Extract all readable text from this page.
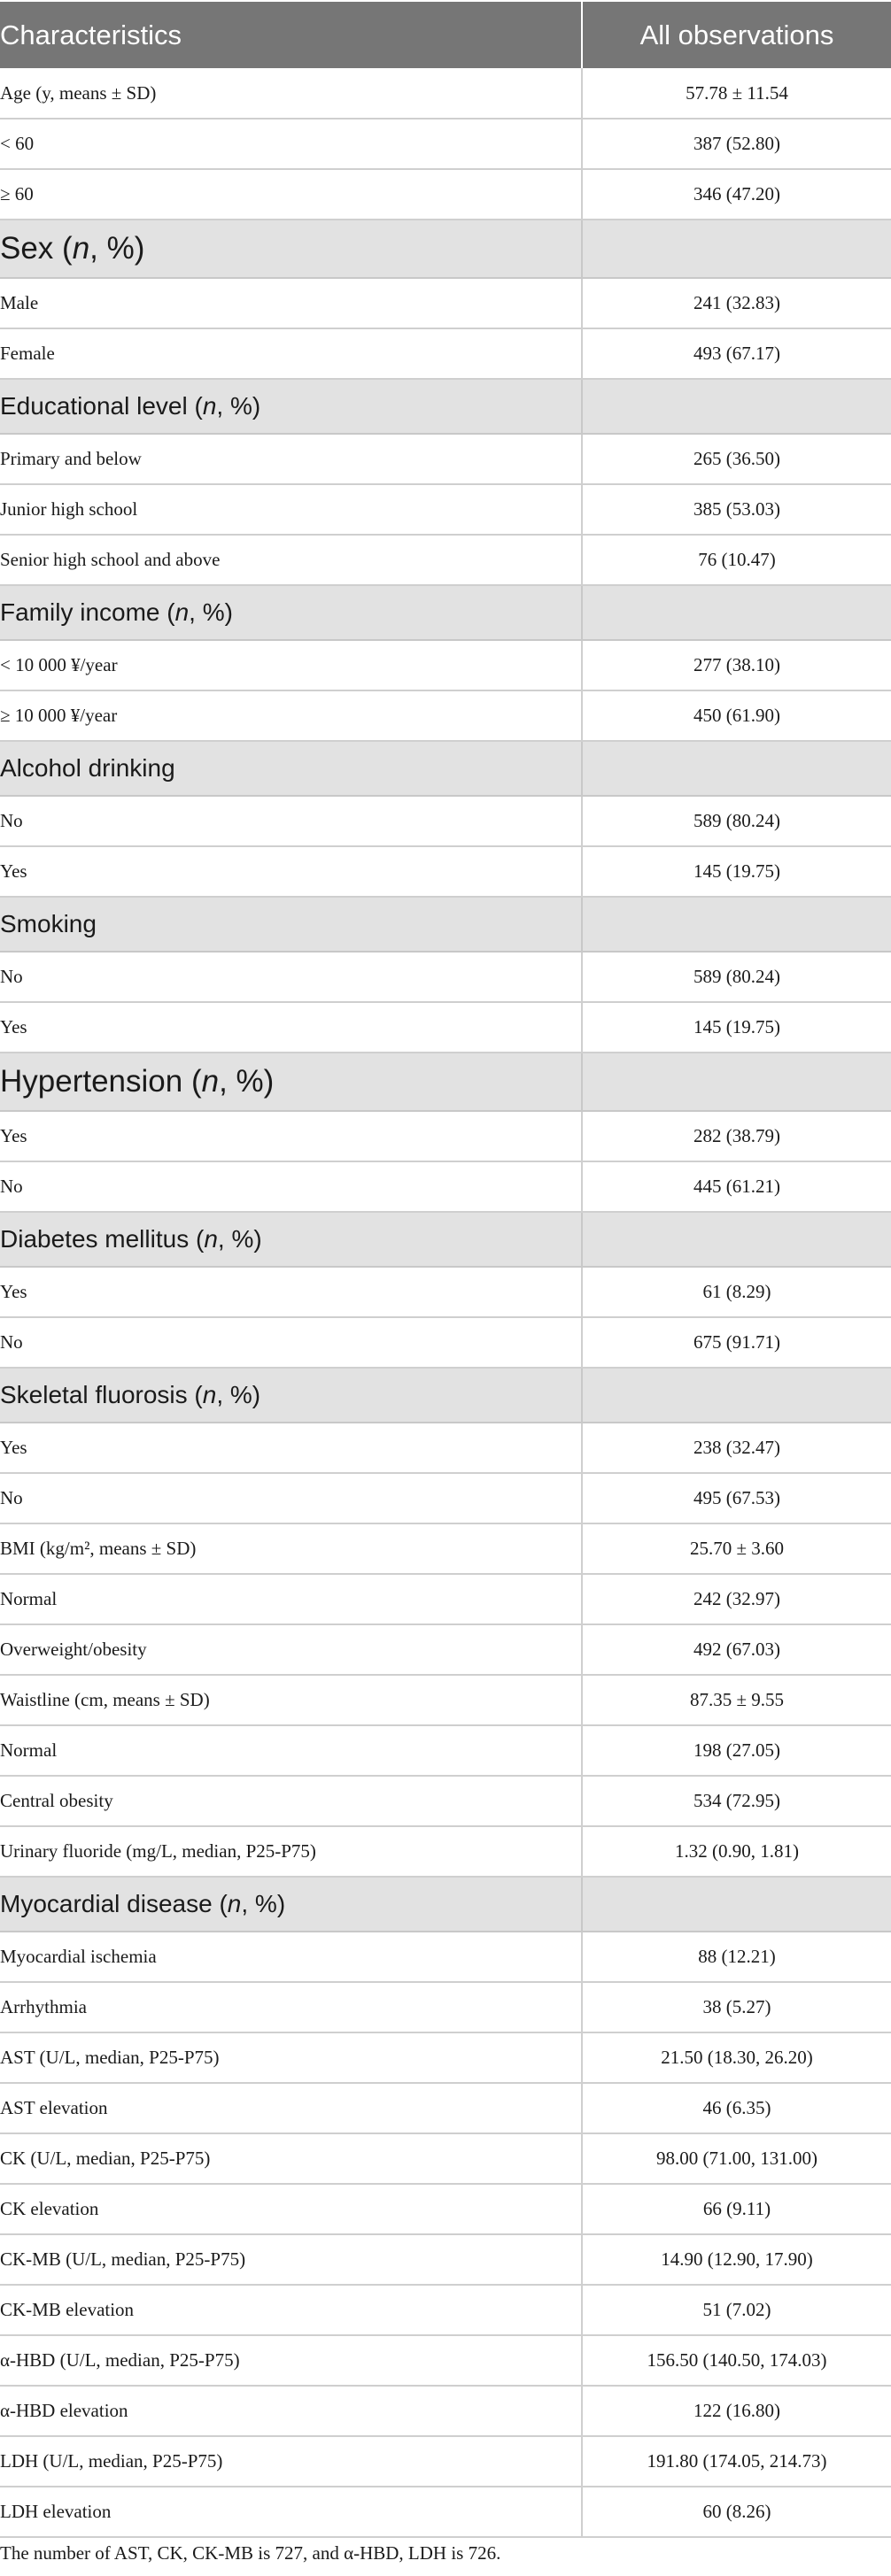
Characteristics	All observations
Age (y, means ± SD)	57.78 ± 11.54
< 60	387 (52.80)
≥ 60	346 (47.20)
Sex (n, %)	
Male	241 (32.83)
Female	493 (67.17)
Educational level (n, %)	
Primary and below	265 (36.50)
Junior high school	385 (53.03)
Senior high school and above	76 (10.47)
Family income (n, %)	
< 10 000 ¥/year	277 (38.10)
≥ 10 000 ¥/year	450 (61.90)
Alcohol drinking	
No	589 (80.24)
Yes	145 (19.75)
Smoking	
No	589 (80.24)
Yes	145 (19.75)
Hypertension (n, %)	
Yes	282 (38.79)
No	445 (61.21)
Diabetes mellitus (n, %)	
Yes	61 (8.29)
No	675 (91.71)
Skeletal fluorosis (n, %)	
Yes	238 (32.47)
No	495 (67.53)
BMI (kg/m², means ± SD)	25.70 ± 3.60
Normal	242 (32.97)
Overweight/obesity	492 (67.03)
Waistline (cm, means ± SD)	87.35 ± 9.55
Normal	198 (27.05)
Central obesity	534 (72.95)
Urinary fluoride (mg/L, median, P25-P75)	1.32 (0.90, 1.81)
Myocardial disease (n, %)	
Myocardial ischemia	88 (12.21)
Arrhythmia	38 (5.27)
AST (U/L, median, P25-P75)	21.50 (18.30, 26.20)
AST elevation	46 (6.35)
CK (U/L, median, P25-P75)	98.00 (71.00, 131.00)
CK elevation	66 (9.11)
CK-MB (U/L, median, P25-P75)	14.90 (12.90, 17.90)
CK-MB elevation	51 (7.02)
α-HBD (U/L, median, P25-P75)	156.50 (140.50, 174.03)
α-HBD elevation	122 (16.80)
LDH (U/L, median, P25-P75)	191.80 (174.05, 214.73)
LDH elevation	60 (8.26)
The number of AST, CK, CK-MB is 727, and α-HBD, LDH is 726.
